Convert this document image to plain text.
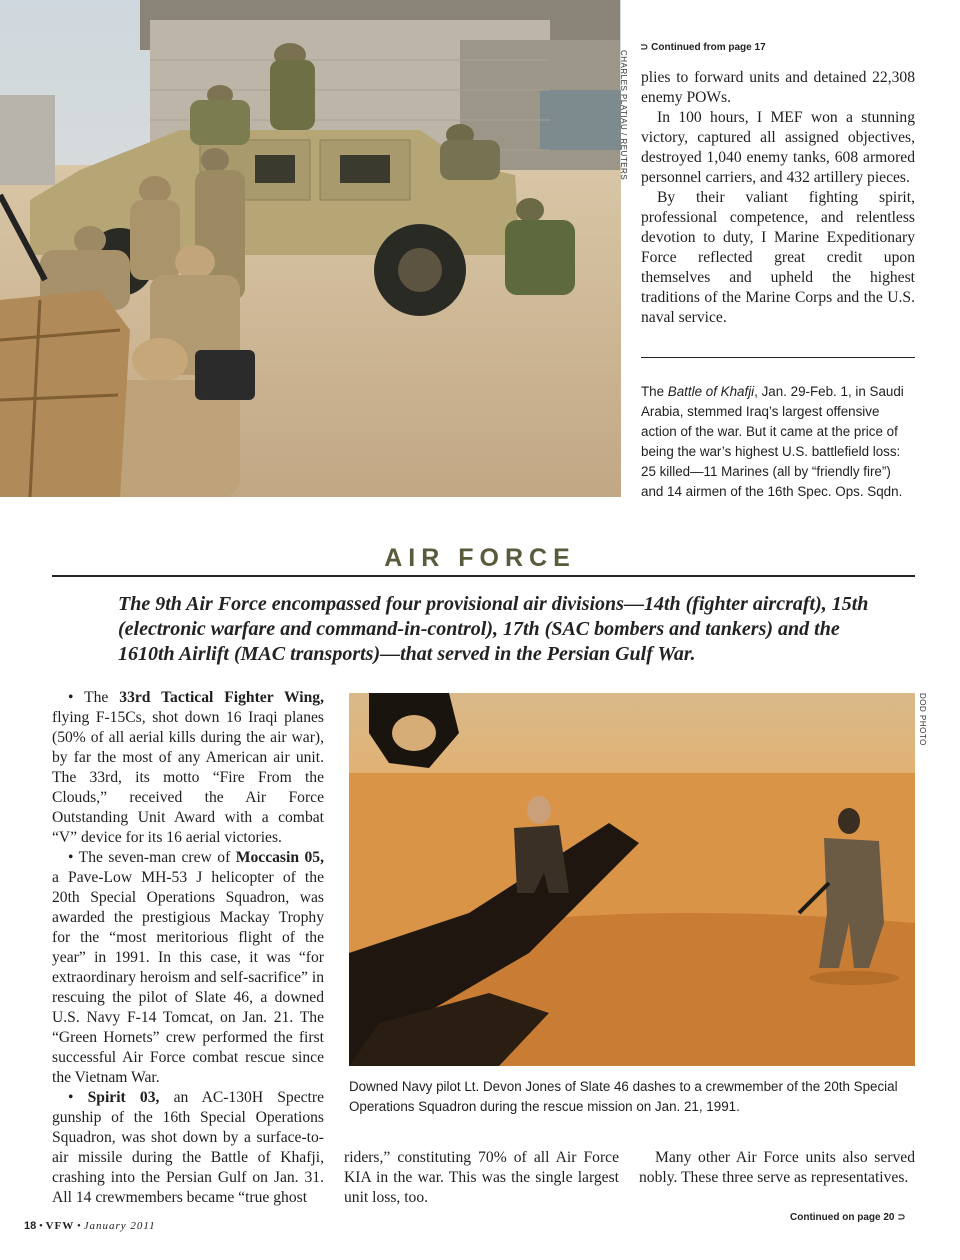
CHARLES PLATIAU / REUTERS
⊃ Continued from page 17

plies to forward units and detained 22,308 enemy POWs.

In 100 hours, I MEF won a stunning victory, captured all assigned objectives, destroyed 1,040 enemy tanks, 608 armored personnel carriers, and 432 artillery pieces.

By their valiant fighting spirit, professional competence, and relentless devotion to duty, I Marine Expeditionary Force reflected great credit upon themselves and upheld the highest traditions of the Marine Corps and the U.S. naval service.

The Battle of Khafji, Jan. 29-Feb. 1, in Saudi Arabia, stemmed Iraq’s largest offensive action of the war. But it came at the price of being the war’s highest U.S. battlefield loss: 25 killed—11 Marines (all by “friendly fire”) and 14 airmen of the 16th Spec. Ops. Sqdn.
AIR FORCE
The 9th Air Force encompassed four provisional air divisions—14th (fighter aircraft), 15th (electronic warfare and command-in-control), 17th (SAC bombers and tankers) and the 1610th Airlift (MAC transports)—that served in the Persian Gulf War.

• The 33rd Tactical Fighter Wing, flying F-15Cs, shot down 16 Iraqi planes (50% of all aerial kills during the air war), by far the most of any American air unit. The 33rd, its motto “Fire From the Clouds,” received the Air Force Outstanding Unit Award with a combat “V” device for its 16 aerial victories.

• The seven-man crew of Moccasin 05, a Pave-Low MH-53 J helicopter of the 20th Special Operations Squadron, was awarded the prestigious Mackay Trophy for the “most meritorious flight of the year” in 1991. In this case, it was “for extraordinary heroism and self-sacrifice” in rescuing the pilot of Slate 46, a downed U.S. Navy F-14 Tomcat, on Jan. 21. The “Green Hornets” crew performed the first successful Air Force combat rescue since the Vietnam War.

• Spirit 03, an AC-130H Spectre gunship of the 16th Special Operations Squadron, was shot down by a surface-to-air missile during the Battle of Khafji, crashing into the Persian Gulf on Jan. 31. All 14 crewmembers became “true ghost

DOD PHOTO
Downed Navy pilot Lt. Devon Jones of Slate 46 dashes to a crewmember of the 20th Special Operations Squadron during the rescue mission on Jan. 21, 1991.

riders,” constituting 70% of all Air Force KIA in the war. This was the single largest unit loss, too.

Many other Air Force units also served nobly. These three serve as representatives.

Continued on page 20 ⊃
18 • VFW • January 2011
